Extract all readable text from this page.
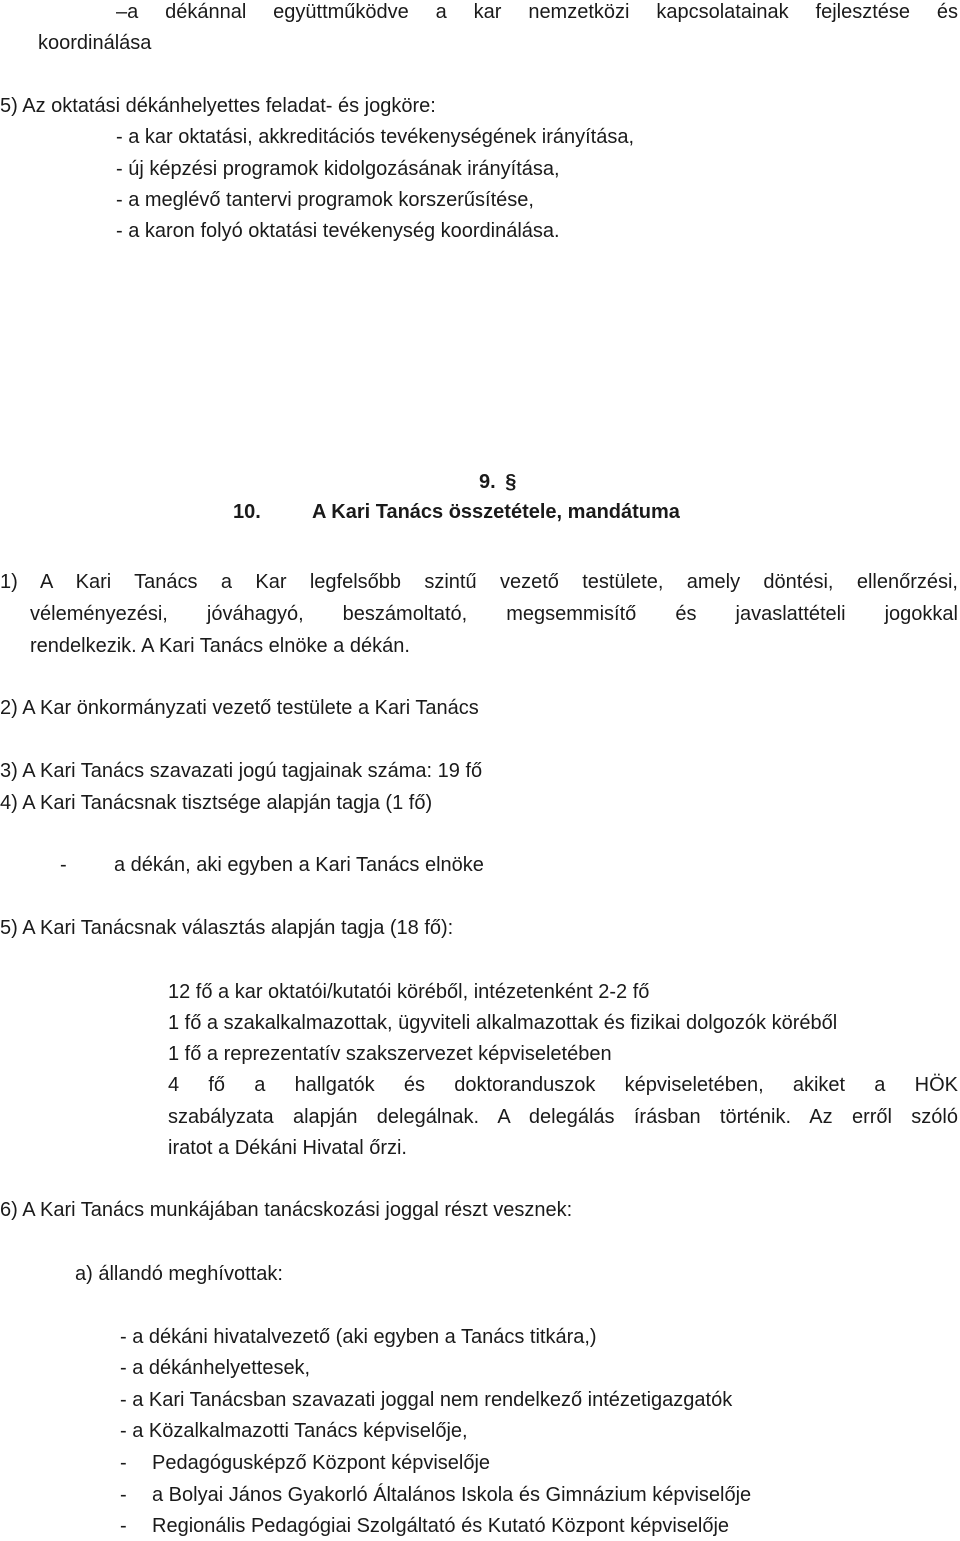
–a dékánnal együttműködve a kar nemzetközi kapcsolatainak fejlesztése és
koordinálása
5) Az oktatási dékánhelyettes feladat- és jogköre:
- a kar oktatási, akkreditációs tevékenységének irányítása,
- új képzési programok kidolgozásának irányítása,
- a meglévő tantervi programok korszerűsítése,
- a karon folyó oktatási tevékenység koordinálása.
9. §
10.	A Kari Tanács összetétele, mandátuma
1) A Kari Tanács a Kar legfelsőbb szintű vezető testülete, amely döntési, ellenőrzési,
véleményezési, jóváhagyó, beszámoltató, megsemmisítő és javaslattételi jogokkal
rendelkezik. A Kari Tanács elnöke a dékán.
2) A Kar önkormányzati vezető testülete a Kari Tanács
3) A Kari Tanács szavazati jogú tagjainak száma: 19 fő
4) A Kari Tanácsnak tisztsége alapján tagja (1 fő)
- a dékán, aki egyben a Kari Tanács elnöke
5) A Kari Tanácsnak választás alapján tagja (18 fő):
12 fő a kar oktatói/kutatói köréből, intézetenként 2-2 fő
1 fő a szakalkalmazottak, ügyviteli alkalmazottak és fizikai dolgozók köréből
1 fő a reprezentatív szakszervezet képviseletében
4 fő a hallgatók és doktoranduszok képviseletében, akiket a HÖK
szabályzata alapján delegálnak. A delegálás írásban történik. Az erről szóló
iratot a Dékáni Hivatal őrzi.
6) A Kari Tanács munkájában tanácskozási joggal részt vesznek:
a) állandó meghívottak:
- a dékáni hivatalvezető (aki egyben a Tanács titkára,)
- a dékánhelyettesek,
- a Kari Tanácsban szavazati joggal nem rendelkező intézetigazgatók
- a Közalkalmazotti Tanács képviselője,
- Pedagógusképző Központ képviselője
- a Bolyai János Gyakorló Általános Iskola és Gimnázium képviselője
- Regionális Pedagógiai Szolgáltató és Kutató Központ képviselője
